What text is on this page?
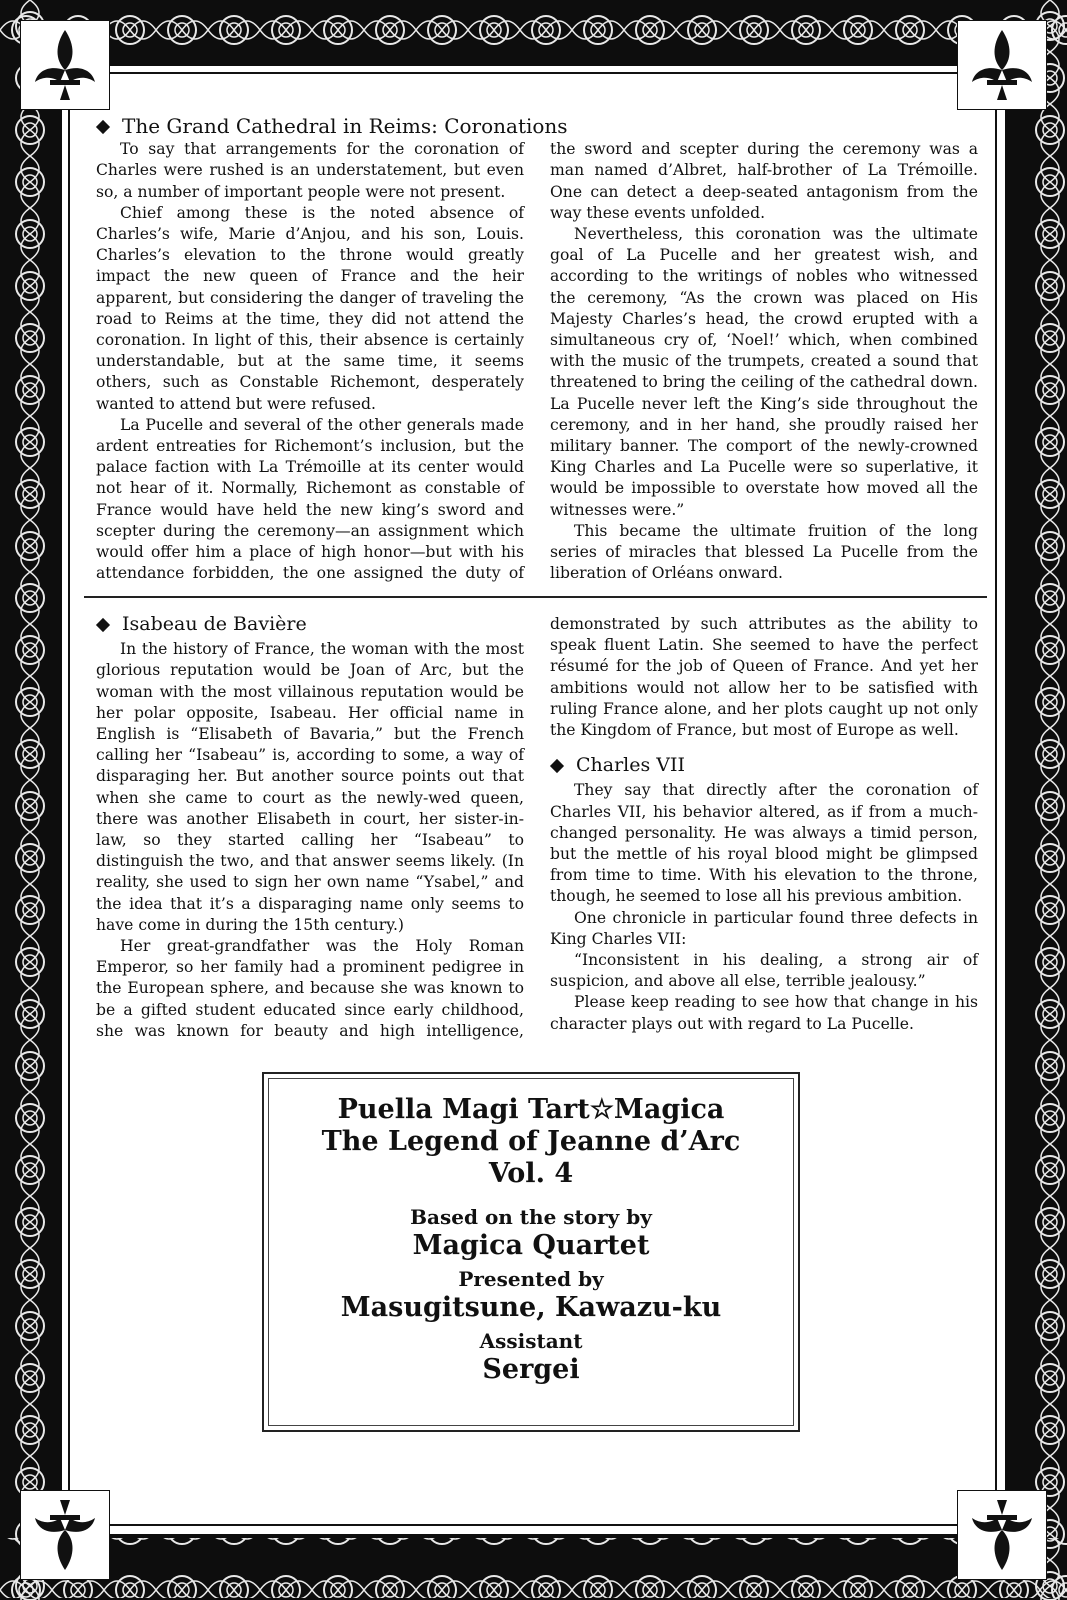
The Grand Cathedral in Reims: Coronations

To say that arrangements for the coronation of Charles were rushed is an understatement, but even so, a number of important people were not present.

Chief among these is the noted absence of Charles’s wife, Marie d’Anjou, and his son, Louis. Charles’s elevation to the throne would greatly impact the new queen of France and the heir apparent, but considering the danger of traveling the road to Reims at the time, they did not attend the coronation. In light of this, their absence is certainly understandable, but at the same time, it seems others, such as Constable Richemont, desperately wanted to attend but were refused.

La Pucelle and several of the other generals made ardent entreaties for Richemont’s inclusion, but the palace faction with La Trémoille at its center would not hear of it. Normally, Richemont as constable of France would have held the new king’s sword and scepter during the ceremony—an assignment which would offer him a place of high honor—but with his attendance forbidden, the one assigned the duty of the sword and scepter during the ceremony was a man named d’Albret, half-brother of La Trémoille. One can detect a deep-seated antagonism from the way these events unfolded.

Nevertheless, this coronation was the ultimate goal of La Pucelle and her greatest wish, and according to the writings of nobles who witnessed the ceremony, “As the crown was placed on His Majesty Charles’s head, the crowd erupted with a simultaneous cry of, ‘Noel!’ which, when combined with the music of the trumpets, created a sound that threatened to bring the ceiling of the cathedral down. La Pucelle never left the King’s side throughout the ceremony, and in her hand, she proudly raised her military banner. The comport of the newly-crowned King Charles and La Pucelle were so superlative, it would be impossible to overstate how moved all the witnesses were.”

This became the ultimate fruition of the long series of miracles that blessed La Pucelle from the liberation of Orléans onward.

Isabeau de Bavière

In the history of France, the woman with the most glorious reputation would be Joan of Arc, but the woman with the most villainous reputation would be her polar opposite, Isabeau. Her official name in English is “Elisabeth of Bavaria,” but the French calling her “Isabeau” is, according to some, a way of disparaging her. But another source points out that when she came to court as the newly-wed queen, there was another Elisabeth in court, her sister-in-law, so they started calling her “Isabeau” to distinguish the two, and that answer seems likely. (In reality, she used to sign her own name “Ysabel,” and the idea that it’s a disparaging name only seems to have come in during the 15th century.)

Her great-grandfather was the Holy Roman Emperor, so her family had a prominent pedigree in the European sphere, and because she was known to be a gifted student educated since early childhood, she was known for beauty and high intelligence, demonstrated by such attributes as the ability to speak fluent Latin. She seemed to have the perfect résumé for the job of Queen of France. And yet her ambitions would not allow her to be satisfied with ruling France alone, and her plots caught up not only the Kingdom of France, but most of Europe as well.

Charles VII

They say that directly after the coronation of Charles VII, his behavior altered, as if from a much-changed personality. He was always a timid person, but the mettle of his royal blood might be glimpsed from time to time. With his elevation to the throne, though, he seemed to lose all his previous ambition.

One chronicle in particular found three defects in King Charles VII:

“Inconsistent in his dealing, a strong air of suspicion, and above all else, terrible jealousy.”

Please keep reading to see how that change in his character plays out with regard to La Pucelle.

Puella Magi Tart☆Magica
The Legend of Jeanne d’Arc
Vol. 4
Based on the story by
Magica Quartet
Presented by
Masugitsune, Kawazu-ku
Assistant
Sergei
